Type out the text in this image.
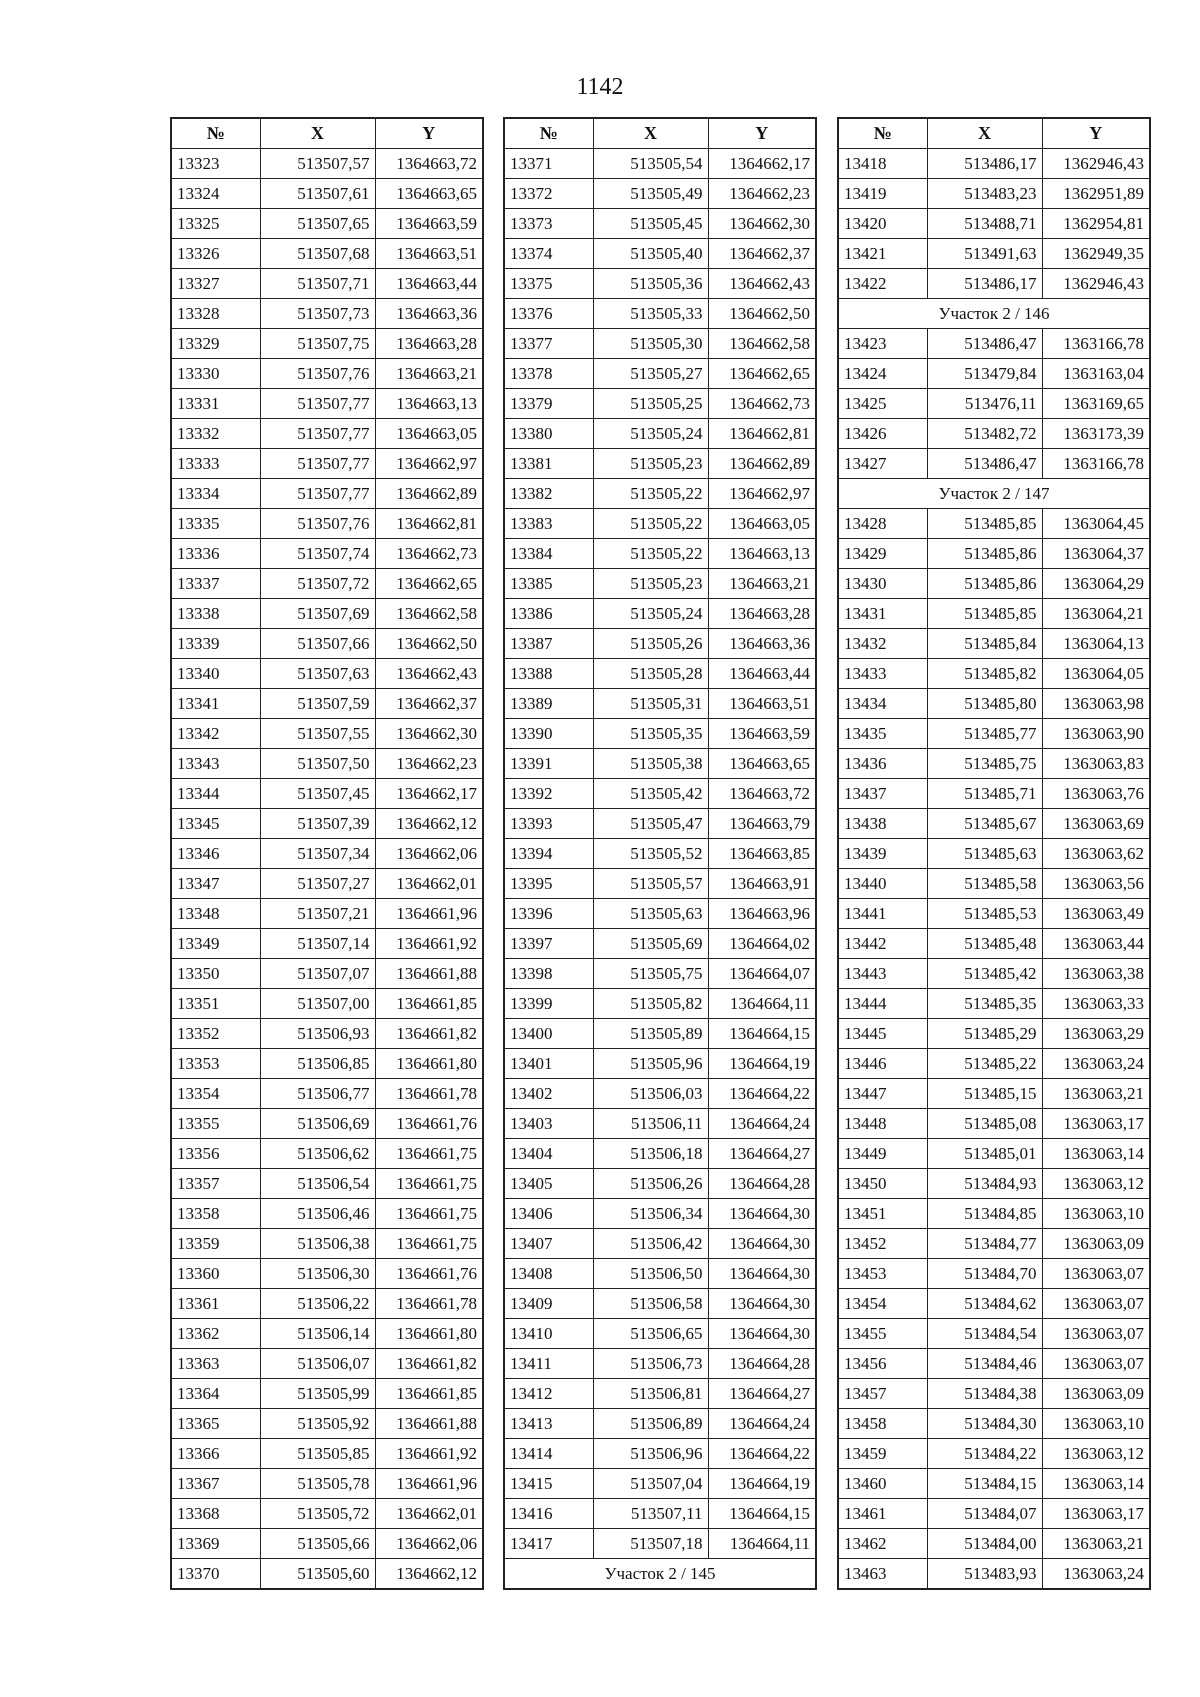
1142
№	X	Y
13323	513507,57	1364663,72
13324	513507,61	1364663,65
13325	513507,65	1364663,59
13326	513507,68	1364663,51
13327	513507,71	1364663,44
13328	513507,73	1364663,36
13329	513507,75	1364663,28
13330	513507,76	1364663,21
13331	513507,77	1364663,13
13332	513507,77	1364663,05
13333	513507,77	1364662,97
13334	513507,77	1364662,89
13335	513507,76	1364662,81
13336	513507,74	1364662,73
13337	513507,72	1364662,65
13338	513507,69	1364662,58
13339	513507,66	1364662,50
13340	513507,63	1364662,43
13341	513507,59	1364662,37
13342	513507,55	1364662,30
13343	513507,50	1364662,23
13344	513507,45	1364662,17
13345	513507,39	1364662,12
13346	513507,34	1364662,06
13347	513507,27	1364662,01
13348	513507,21	1364661,96
13349	513507,14	1364661,92
13350	513507,07	1364661,88
13351	513507,00	1364661,85
13352	513506,93	1364661,82
13353	513506,85	1364661,80
13354	513506,77	1364661,78
13355	513506,69	1364661,76
13356	513506,62	1364661,75
13357	513506,54	1364661,75
13358	513506,46	1364661,75
13359	513506,38	1364661,75
13360	513506,30	1364661,76
13361	513506,22	1364661,78
13362	513506,14	1364661,80
13363	513506,07	1364661,82
13364	513505,99	1364661,85
13365	513505,92	1364661,88
13366	513505,85	1364661,92
13367	513505,78	1364661,96
13368	513505,72	1364662,01
13369	513505,66	1364662,06
13370	513505,60	1364662,12
№	X	Y
13371	513505,54	1364662,17
13372	513505,49	1364662,23
13373	513505,45	1364662,30
13374	513505,40	1364662,37
13375	513505,36	1364662,43
13376	513505,33	1364662,50
13377	513505,30	1364662,58
13378	513505,27	1364662,65
13379	513505,25	1364662,73
13380	513505,24	1364662,81
13381	513505,23	1364662,89
13382	513505,22	1364662,97
13383	513505,22	1364663,05
13384	513505,22	1364663,13
13385	513505,23	1364663,21
13386	513505,24	1364663,28
13387	513505,26	1364663,36
13388	513505,28	1364663,44
13389	513505,31	1364663,51
13390	513505,35	1364663,59
13391	513505,38	1364663,65
13392	513505,42	1364663,72
13393	513505,47	1364663,79
13394	513505,52	1364663,85
13395	513505,57	1364663,91
13396	513505,63	1364663,96
13397	513505,69	1364664,02
13398	513505,75	1364664,07
13399	513505,82	1364664,11
13400	513505,89	1364664,15
13401	513505,96	1364664,19
13402	513506,03	1364664,22
13403	513506,11	1364664,24
13404	513506,18	1364664,27
13405	513506,26	1364664,28
13406	513506,34	1364664,30
13407	513506,42	1364664,30
13408	513506,50	1364664,30
13409	513506,58	1364664,30
13410	513506,65	1364664,30
13411	513506,73	1364664,28
13412	513506,81	1364664,27
13413	513506,89	1364664,24
13414	513506,96	1364664,22
13415	513507,04	1364664,19
13416	513507,11	1364664,15
13417	513507,18	1364664,11
Участок 2 / 145		
№	X	Y
13418	513486,17	1362946,43
13419	513483,23	1362951,89
13420	513488,71	1362954,81
13421	513491,63	1362949,35
13422	513486,17	1362946,43
Участок 2 / 146		
13423	513486,47	1363166,78
13424	513479,84	1363163,04
13425	513476,11	1363169,65
13426	513482,72	1363173,39
13427	513486,47	1363166,78
Участок 2 / 147		
13428	513485,85	1363064,45
13429	513485,86	1363064,37
13430	513485,86	1363064,29
13431	513485,85	1363064,21
13432	513485,84	1363064,13
13433	513485,82	1363064,05
13434	513485,80	1363063,98
13435	513485,77	1363063,90
13436	513485,75	1363063,83
13437	513485,71	1363063,76
13438	513485,67	1363063,69
13439	513485,63	1363063,62
13440	513485,58	1363063,56
13441	513485,53	1363063,49
13442	513485,48	1363063,44
13443	513485,42	1363063,38
13444	513485,35	1363063,33
13445	513485,29	1363063,29
13446	513485,22	1363063,24
13447	513485,15	1363063,21
13448	513485,08	1363063,17
13449	513485,01	1363063,14
13450	513484,93	1363063,12
13451	513484,85	1363063,10
13452	513484,77	1363063,09
13453	513484,70	1363063,07
13454	513484,62	1363063,07
13455	513484,54	1363063,07
13456	513484,46	1363063,07
13457	513484,38	1363063,09
13458	513484,30	1363063,10
13459	513484,22	1363063,12
13460	513484,15	1363063,14
13461	513484,07	1363063,17
13462	513484,00	1363063,21
13463	513483,93	1363063,24
